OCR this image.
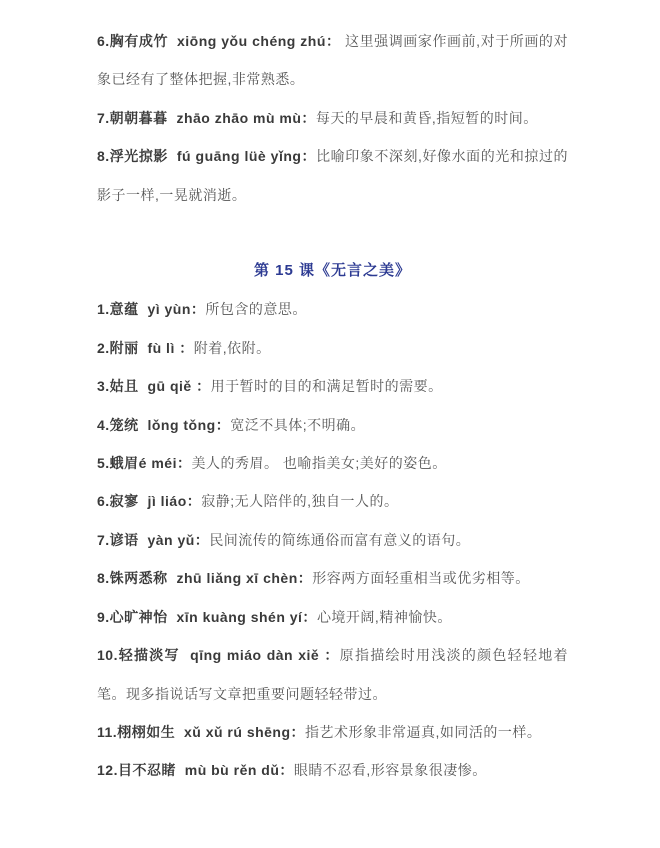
6.胸有成竹  xiōng yǒu chéng zhú： 这里强调画家作画前,对于所画的对象已经有了整体把握,非常熟悉。

7.朝朝暮暮  zhāo zhāo mù mù：每天的早晨和黄昏,指短暂的时间。

8.浮光掠影  fú guāng lüè yǐng：比喻印象不深刻,好像水面的光和掠过的影子一样,一晃就消逝。

第 15 课《无言之美》

1.意蕴  yì yùn：所包含的意思。

2.附丽  fù lì ：附着,依附。

3.姑且  gū qiě ：用于暂时的目的和满足暂时的需要。

4.笼统  lǒng tǒng：宽泛不具体;不明确。

5.蛾眉é méi：美人的秀眉。 也喻指美女;美好的姿色。

6.寂寥  jì liáo：寂静;无人陪伴的,独自一人的。

7.谚语  yàn yǔ：民间流传的简练通俗而富有意义的语句。

8.铢两悉称  zhū liǎng xī chèn：形容两方面轻重相当或优劣相等。

9.心旷神怡  xīn kuàng shén yí：心境开阔,精神愉快。

10.轻描淡写  qīng miáo dàn xiě ：原指描绘时用浅淡的颜色轻轻地着笔。现多指说话写文章把重要问题轻轻带过。

11.栩栩如生  xǔ xǔ rú shēng：指艺术形象非常逼真,如同活的一样。

12.目不忍睹  mù bù rěn dǔ：眼睛不忍看,形容景象很凄惨。
